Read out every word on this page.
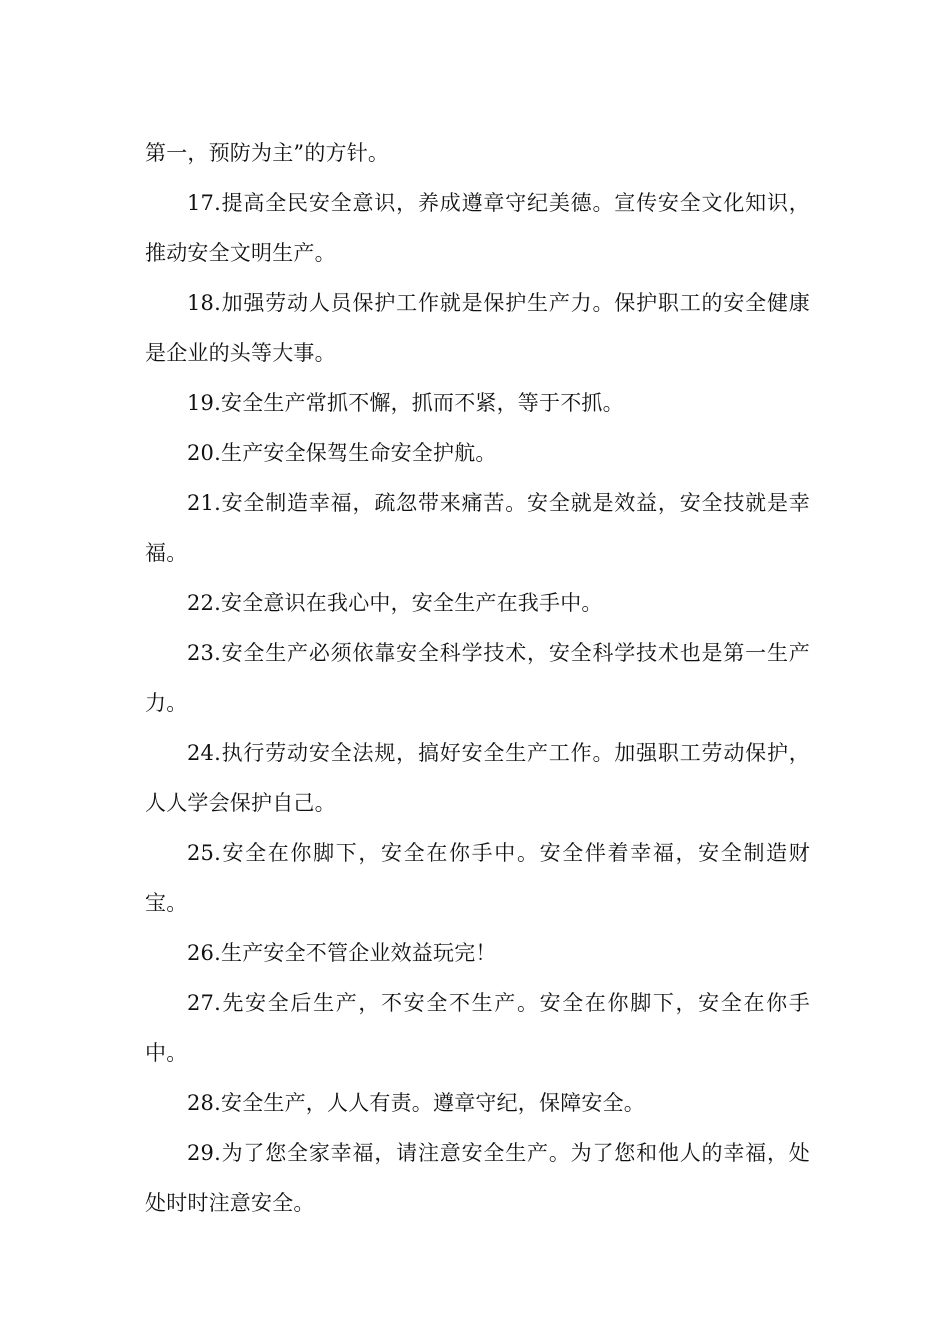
第一，预防为主”的方针。

17.提高全民安全意识，养成遵章守纪美德。宣传安全文化知识，推动安全文明生产。

18.加强劳动人员保护工作就是保护生产力。保护职工的安全健康是企业的头等大事。

19.安全生产常抓不懈，抓而不紧，等于不抓。

20.生产安全保驾生命安全护航。

21.安全制造幸福，疏忽带来痛苦。安全就是效益，安全技就是幸福。

22.安全意识在我心中，安全生产在我手中。

23.安全生产必须依靠安全科学技术，安全科学技术也是第一生产力。

24.执行劳动安全法规，搞好安全生产工作。加强职工劳动保护，人人学会保护自己。

25.安全在你脚下，安全在你手中。安全伴着幸福，安全制造财宝。

26.生产安全不管企业效益玩完！

27.先安全后生产，不安全不生产。安全在你脚下，安全在你手中。

28.安全生产，人人有责。遵章守纪，保障安全。

29.为了您全家幸福，请注意安全生产。为了您和他人的幸福，处处时时注意安全。
